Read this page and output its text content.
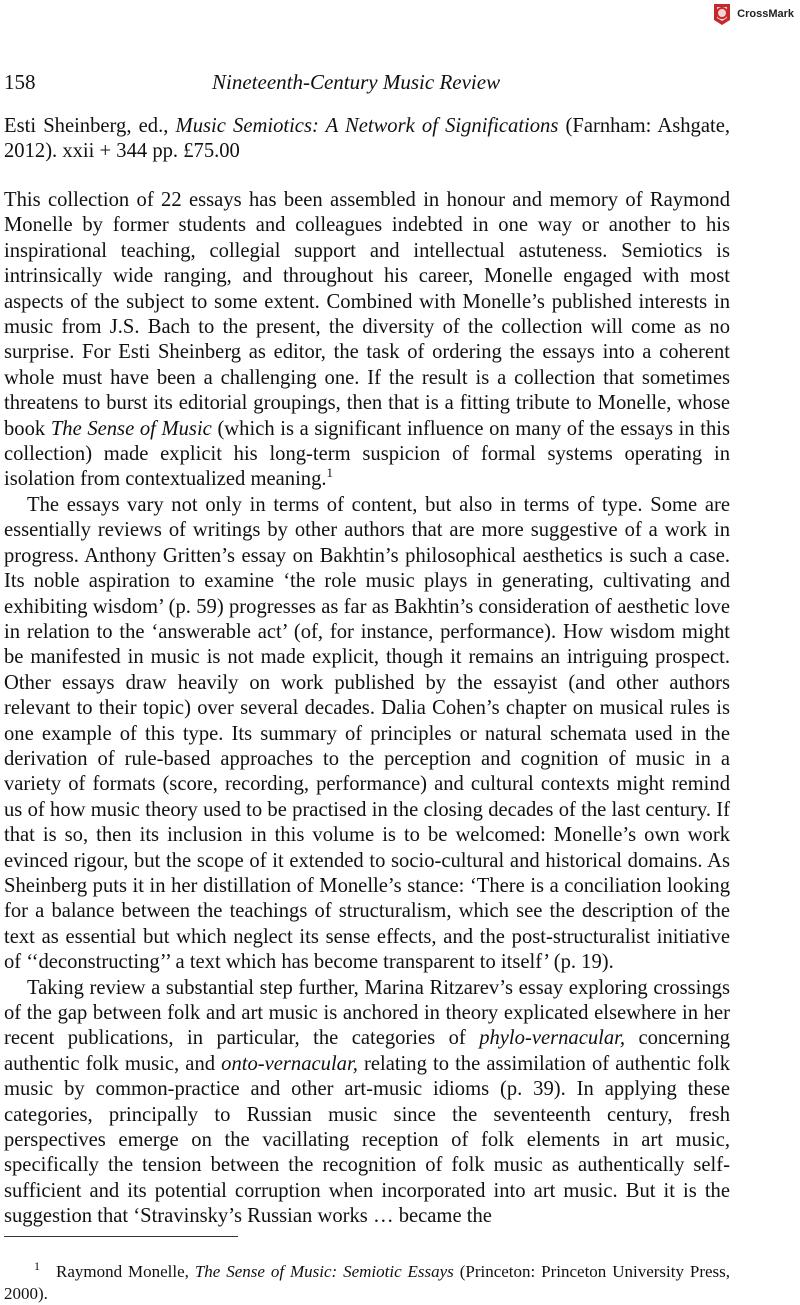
CrossMark
158	Nineteenth-Century Music Review

Esti Sheinberg, ed., Music Semiotics: A Network of Significations (Farnham: Ashgate, 2012). xxii + 344 pp. £75.00

This collection of 22 essays has been assembled in honour and memory of Raymond Monelle by former students and colleagues indebted in one way or another to his inspirational teaching, collegial support and intellectual astuteness. Semiotics is intrinsically wide ranging, and throughout his career, Monelle engaged with most aspects of the subject to some extent. Combined with Monelle’s published interests in music from J.S. Bach to the present, the diversity of the collection will come as no surprise. For Esti Sheinberg as editor, the task of ordering the essays into a coherent whole must have been a challenging one. If the result is a collection that sometimes threatens to burst its editorial groupings, then that is a fitting tribute to Monelle, whose book The Sense of Music (which is a significant influence on many of the essays in this collection) made explicit his long-term suspicion of formal systems operating in isolation from contextualized meaning.$^1$

The essays vary not only in terms of content, but also in terms of type. Some are essentially reviews of writings by other authors that are more suggestive of a work in progress. Anthony Gritten’s essay on Bakhtin’s philosophical aesthetics is such a case. Its noble aspiration to examine ‘the role music plays in generating, cultivating and exhibiting wisdom’ (p. 59) progresses as far as Bakhtin’s consideration of aesthetic love in relation to the ‘answerable act’ (of, for instance, performance). How wisdom might be manifested in music is not made explicit, though it remains an intriguing prospect. Other essays draw heavily on work published by the essayist (and other authors relevant to their topic) over several decades. Dalia Cohen’s chapter on musical rules is one example of this type. Its summary of principles or natural schemata used in the derivation of rule-based approaches to the perception and cognition of music in a variety of formats (score, recording, performance) and cultural contexts might remind us of how music theory used to be practised in the closing decades of the last century. If that is so, then its inclusion in this volume is to be welcomed: Monelle’s own work evinced rigour, but the scope of it extended to socio-cultural and historical domains. As Sheinberg puts it in her distillation of Monelle’s stance: ‘There is a conciliation looking for a balance between the teachings of structuralism, which see the description of the text as essential but which neglect its sense effects, and the post-structuralist initiative of ‘‘deconstructing’’ a text which has become transparent to itself’ (p. 19).

Taking review a substantial step further, Marina Ritzarev’s essay exploring crossings of the gap between folk and art music is anchored in theory explicated elsewhere in her recent publications, in particular, the categories of phylo-vernacular, concerning authentic folk music, and onto-vernacular, relating to the assimilation of authentic folk music by common-practice and other art-music idioms (p. 39). In applying these categories, principally to Russian music since the seventeenth century, fresh perspectives emerge on the vacillating reception of folk elements in art music, specifically the tension between the recognition of folk music as authentically self-sufficient and its potential corruption when incorporated into art music. But it is the suggestion that ‘Stravinsky’s Russian works … became the

$^1$ Raymond Monelle, The Sense of Music: Semiotic Essays (Princeton: Princeton University Press, 2000).
